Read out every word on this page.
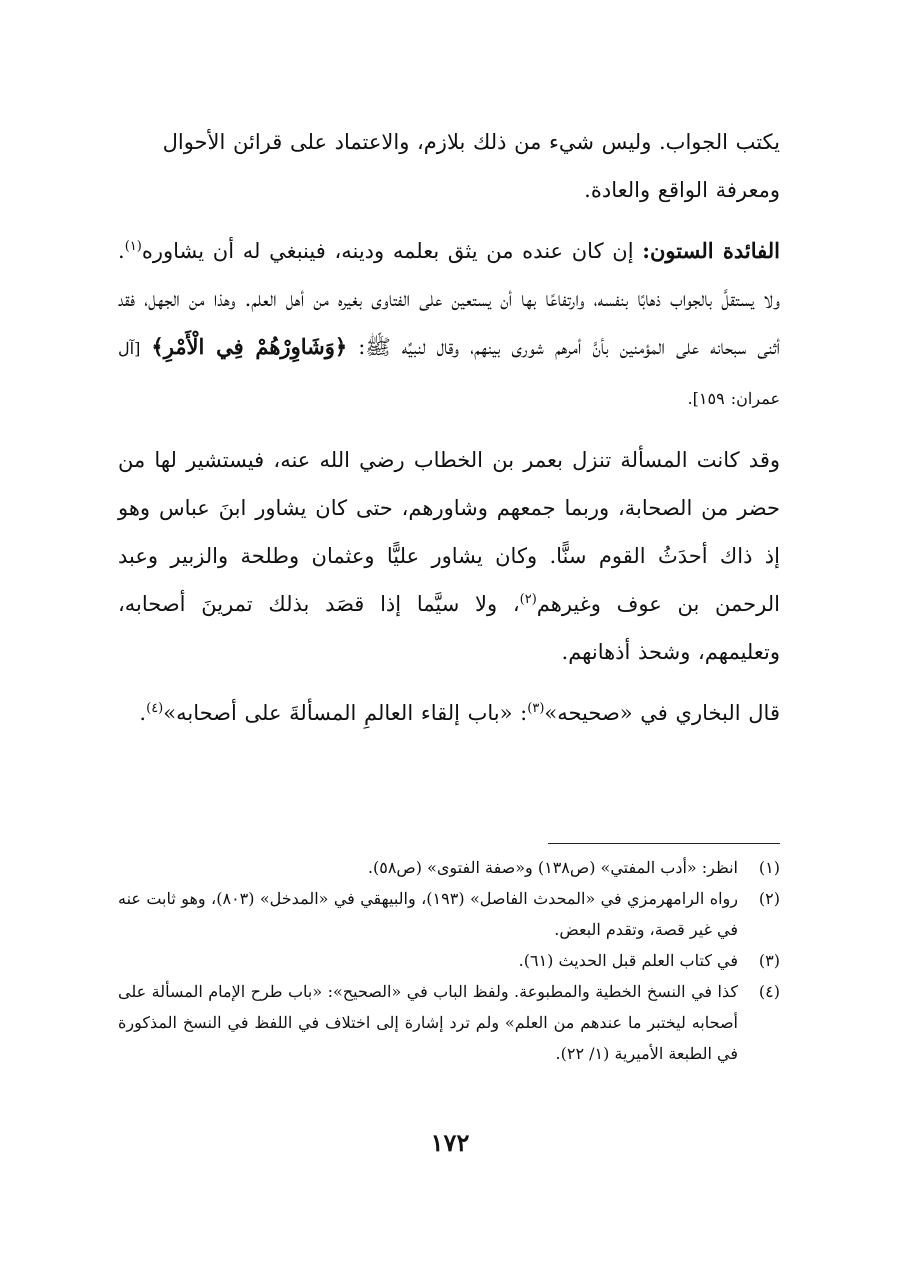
يكتب الجواب. وليس شيء من ذلك بلازم، والاعتماد على قرائن الأحوال
ومعرفة الواقع والعادة.

الفائدة الستون: إن كان عنده من يثق بعلمه ودينه، فينبغي له أن يشاوره$^{(١)}$. ولا يستقلَّ بالجواب ذهابًا بنفسه، وارتفاعًا بها أن يستعين على الفتاوى بغيره من أهل العلم. وهذا من الجهل، فقد أثنى سبحانه على المؤمنين بأنَّ أمرهم شورى بينهم، وقال لنبيِّه ﷺ: ﴿وَشَاوِرْهُمْ فِي الْأَمْرِ﴾ [آل عمران: ١٥٩].

وقد كانت المسألة تنزل بعمر بن الخطاب رضي الله عنه، فيستشير لها من حضر من الصحابة، وربما جمعهم وشاورهم، حتى كان يشاور ابنَ عباس وهو إذ ذاك أحدَثُ القوم سنًّا. وكان يشاور عليًّا وعثمان وطلحة والزبير وعبد الرحمن بن عوف وغيرهم$^{(٢)}$، ولا سيَّما إذا قصَد بذلك تمرينَ أصحابه، وتعليمهم، وشحذ أذهانهم.

قال البخاري في «صحيحه»$^{(٣)}$: «باب إلقاء العالمِ المسألةَ على أصحابه»$^{(٤)}$.

(١)
انظر: «أدب المفتي» (ص١٣٨) و«صفة الفتوى» (ص٥٨).
(٢)
رواه الرامهرمزي في «المحدث الفاصل» (١٩٣)، والبيهقي في «المدخل» (٨٠٣)، وهو ثابت عنه في غير قصة، وتقدم البعض.
(٣)
في كتاب العلم قبل الحديث (٦١).
(٤)
كذا في النسخ الخطية والمطبوعة. ولفظ الباب في «الصحيح»: «باب طرح الإمام المسألة على أصحابه ليختبر ما عندهم من العلم» ولم ترد إشارة إلى اختلاف في اللفظ في النسخ المذكورة في الطبعة الأميرية (١/ ٢٢).
١٧٢
